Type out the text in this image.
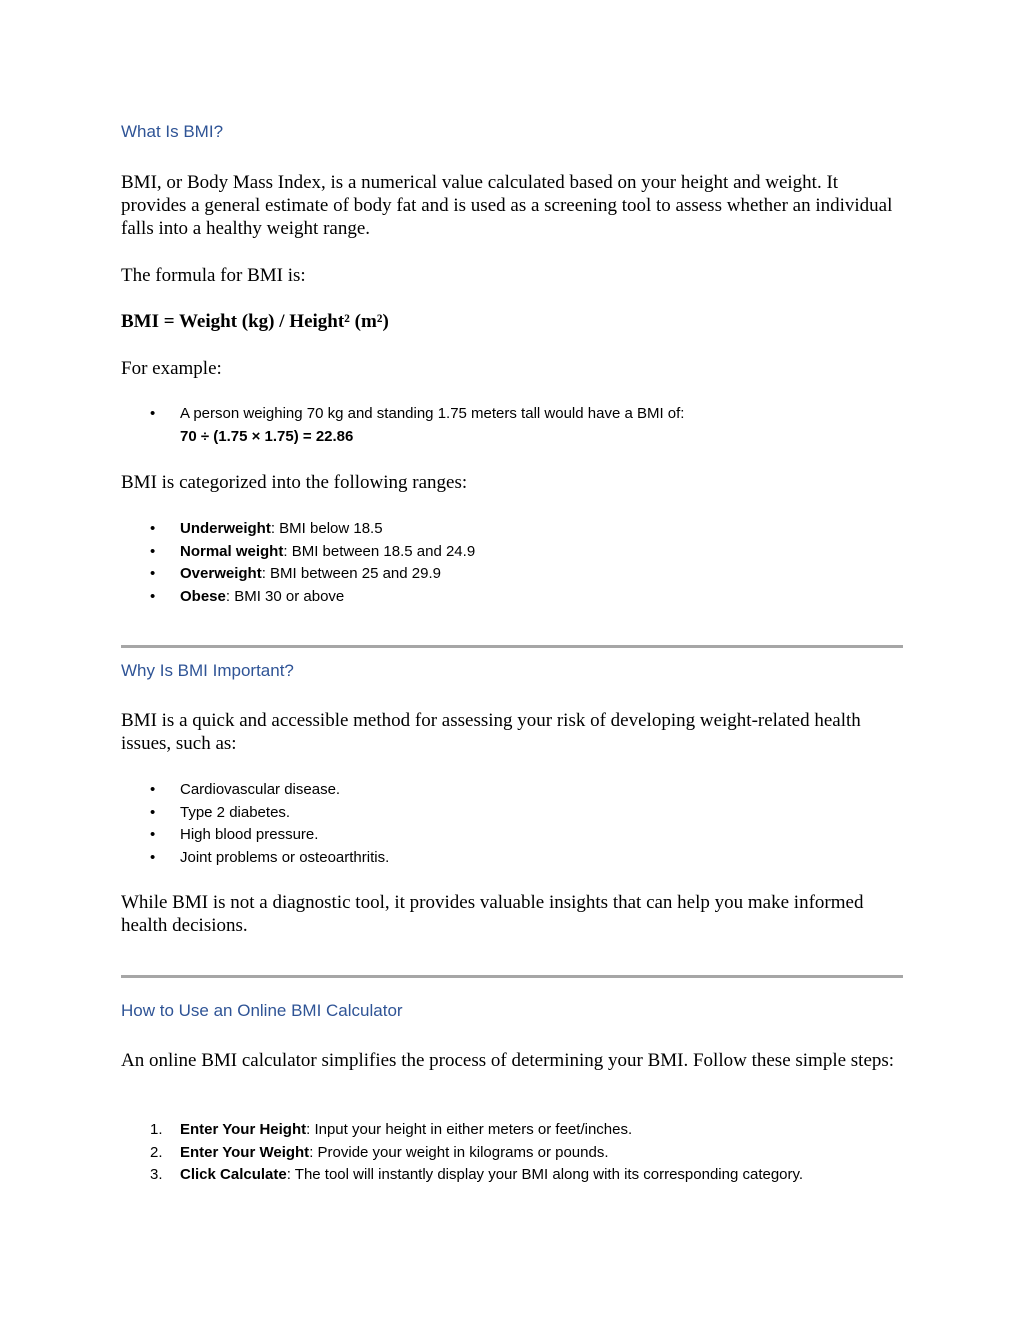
What Is BMI?

BMI, or Body Mass Index, is a numerical value calculated based on your height and weight. It provides a general estimate of body fat and is used as a screening tool to assess whether an individual falls into a healthy weight range.

The formula for BMI is:

BMI = Weight (kg) / Height² (m²)

For example:

• A person weighing 70 kg and standing 1.75 meters tall would have a BMI of:
70 ÷ (1.75 × 1.75) = 22.86

BMI is categorized into the following ranges:

• Underweight: BMI below 18.5
• Normal weight: BMI between 18.5 and 24.9
• Overweight: BMI between 25 and 29.9
• Obese: BMI 30 or above
Why Is BMI Important?

BMI is a quick and accessible method for assessing your risk of developing weight-related health issues, such as:

• Cardiovascular disease.
• Type 2 diabetes.
• High blood pressure.
• Joint problems or osteoarthritis.

While BMI is not a diagnostic tool, it provides valuable insights that can help you make informed health decisions.

How to Use an Online BMI Calculator

An online BMI calculator simplifies the process of determining your BMI. Follow these simple steps:

1. Enter Your Height: Input your height in either meters or feet/inches.
2. Enter Your Weight: Provide your weight in kilograms or pounds.
3. Click Calculate: The tool will instantly display your BMI along with its corresponding category.
